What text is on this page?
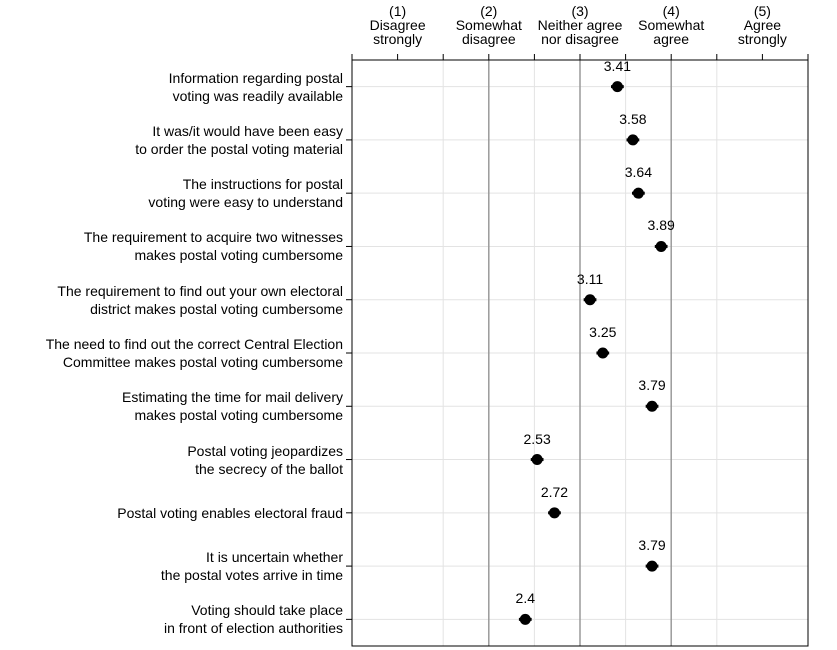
(1)
Disagree
strongly
(2)
Somewhat
disagree
(3)
Neither agree
nor disagree
(4)
Somewhat
agree
(5)
Agree
strongly
Information regarding postal
voting was readily available
It was/it would have been easy
to order the postal voting material
The instructions for postal
voting were easy to understand
The requirement to acquire two witnesses
makes postal voting cumbersome
The requirement to find out your own electoral
district makes postal voting cumbersome
The need to find out the correct Central Election
Committee makes postal voting cumbersome
Estimating the time for mail delivery
makes postal voting cumbersome
Postal voting jeopardizes
the secrecy of the ballot
Postal voting enables electoral fraud
It is uncertain whether
the postal votes arrive in time
Voting should take place
in front of election authorities
3.41
3.58
3.64
3.89
3.11
3.25
3.79
2.53
2.72
3.79
2.4
